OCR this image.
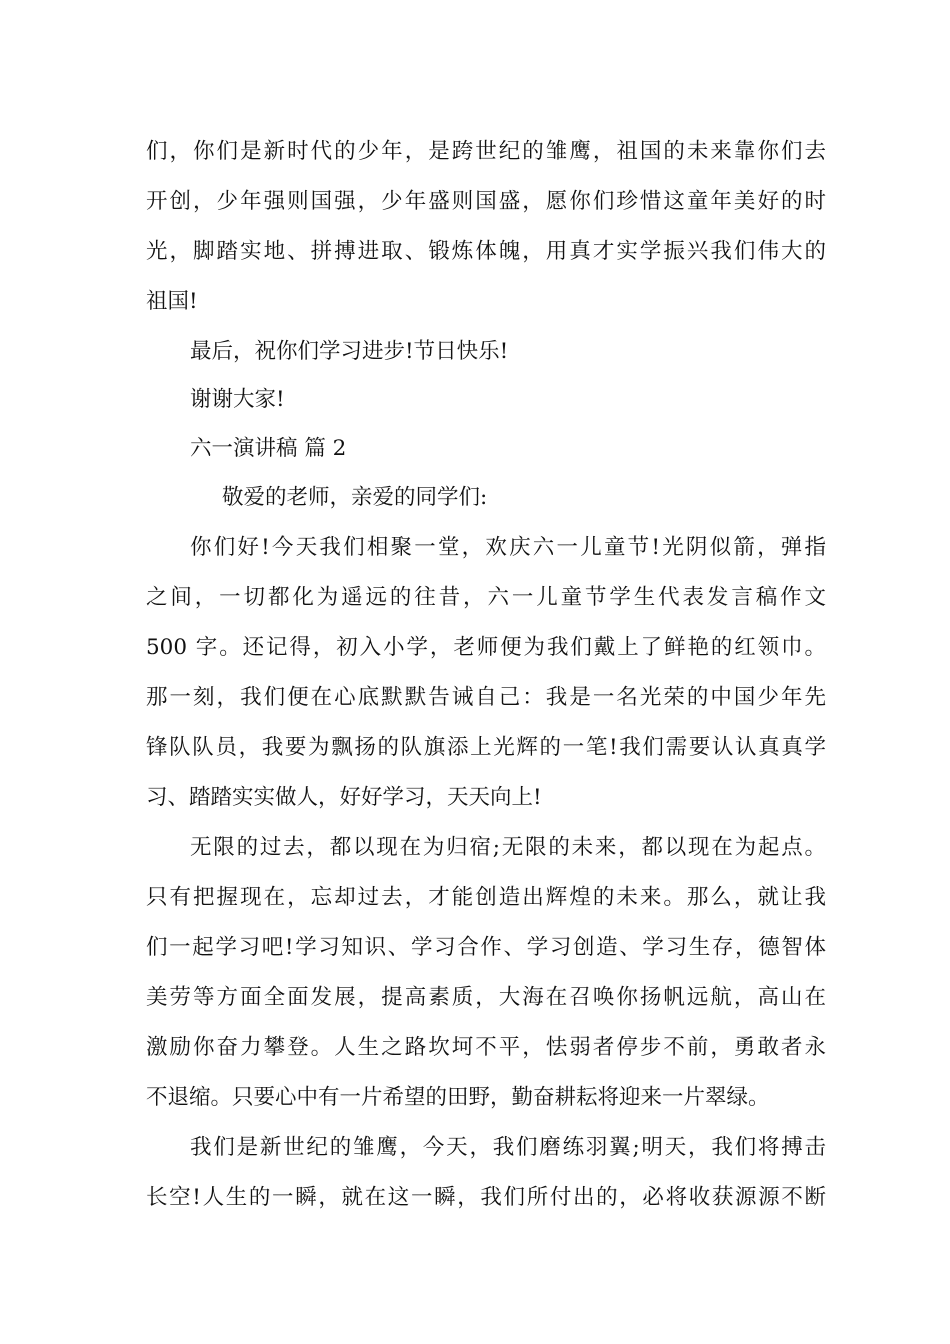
们，你们是新时代的少年，是跨世纪的雏鹰，祖国的未来靠你们去

开创，少年强则国强，少年盛则国盛，愿你们珍惜这童年美好的时

光，脚踏实地、拼搏进取、锻炼体魄，用真才实学振兴我们伟大的

祖国!

最后，祝你们学习进步!节日快乐!

谢谢大家!

六一演讲稿 篇 2

敬爱的老师，亲爱的同学们:

你们好!今天我们相聚一堂，欢庆六一儿童节!光阴似箭，弹指

之间，一切都化为遥远的往昔，六一儿童节学生代表发言稿作文

500 字。还记得，初入小学，老师便为我们戴上了鲜艳的红领巾。

那一刻，我们便在心底默默告诫自己：我是一名光荣的中国少年先

锋队队员，我要为飘扬的队旗添上光辉的一笔!我们需要认认真真学

习、踏踏实实做人，好好学习，天天向上!

无限的过去，都以现在为归宿;无限的未来，都以现在为起点。

只有把握现在，忘却过去，才能创造出辉煌的未来。那么，就让我

们一起学习吧!学习知识、学习合作、学习创造、学习生存，德智体

美劳等方面全面发展，提高素质，大海在召唤你扬帆远航，高山在

激励你奋力攀登。人生之路坎坷不平，怯弱者停步不前，勇敢者永

不退缩。只要心中有一片希望的田野，勤奋耕耘将迎来一片翠绿。

我们是新世纪的雏鹰，今天，我们磨练羽翼;明天，我们将搏击

长空!人生的一瞬，就在这一瞬，我们所付出的，必将收获源源不断
